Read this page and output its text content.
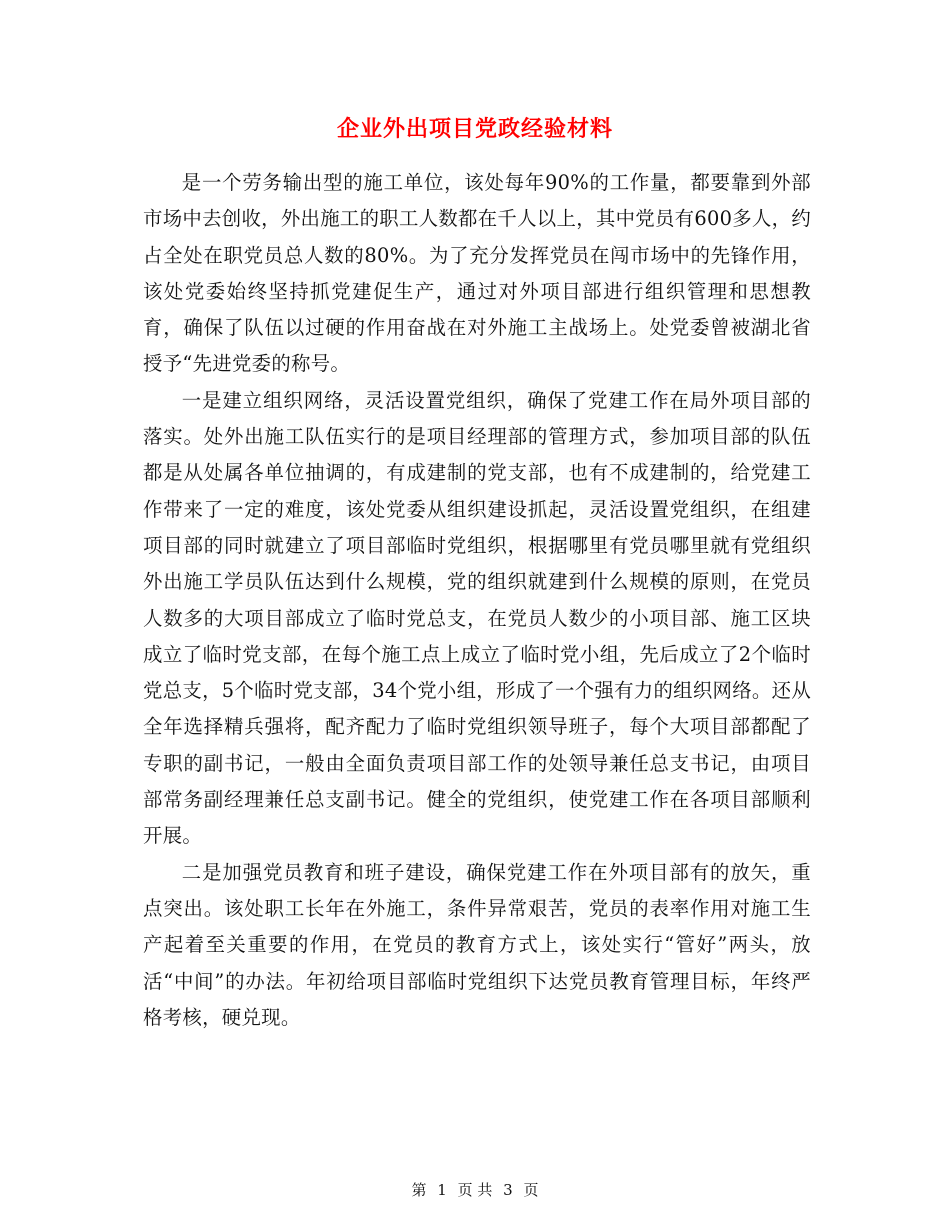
企业外出项目党政经验材料

是一个劳务输出型的施工单位，该处每年90%的工作量，都要靠到外部市场中去创收，外出施工的职工人数都在千人以上，其中党员有600多人，约占全处在职党员总人数的80%。为了充分发挥党员在闯市场中的先锋作用，该处党委始终坚持抓党建促生产，通过对外项目部进行组织管理和思想教育，确保了队伍以过硬的作用奋战在对外施工主战场上。处党委曾被湖北省授予“先进党委的称号。

一是建立组织网络，灵活设置党组织，确保了党建工作在局外项目部的落实。处外出施工队伍实行的是项目经理部的管理方式，参加项目部的队伍都是从处属各单位抽调的，有成建制的党支部，也有不成建制的，给党建工作带来了一定的难度，该处党委从组织建设抓起，灵活设置党组织，在组建项目部的同时就建立了项目部临时党组织，根据哪里有党员哪里就有党组织外出施工学员队伍达到什么规模，党的组织就建到什么规模的原则，在党员人数多的大项目部成立了临时党总支，在党员人数少的小项目部、施工区块成立了临时党支部，在每个施工点上成立了临时党小组，先后成立了2个临时党总支，5个临时党支部，34个党小组，形成了一个强有力的组织网络。还从全年选择精兵强将，配齐配力了临时党组织领导班子，每个大项目部都配了专职的副书记，一般由全面负责项目部工作的处领导兼任总支书记，由项目部常务副经理兼任总支副书记。健全的党组织，使党建工作在各项目部顺利开展。

二是加强党员教育和班子建设，确保党建工作在外项目部有的放矢，重点突出。该处职工长年在外施工，条件异常艰苦，党员的表率作用对施工生产起着至关重要的作用，在党员的教育方式上，该处实行“管好”两头，放活“中间”的办法。年初给项目部临时党组织下达党员教育管理目标，年终严格考核，硬兑现。

第 1 页 共 3 页
